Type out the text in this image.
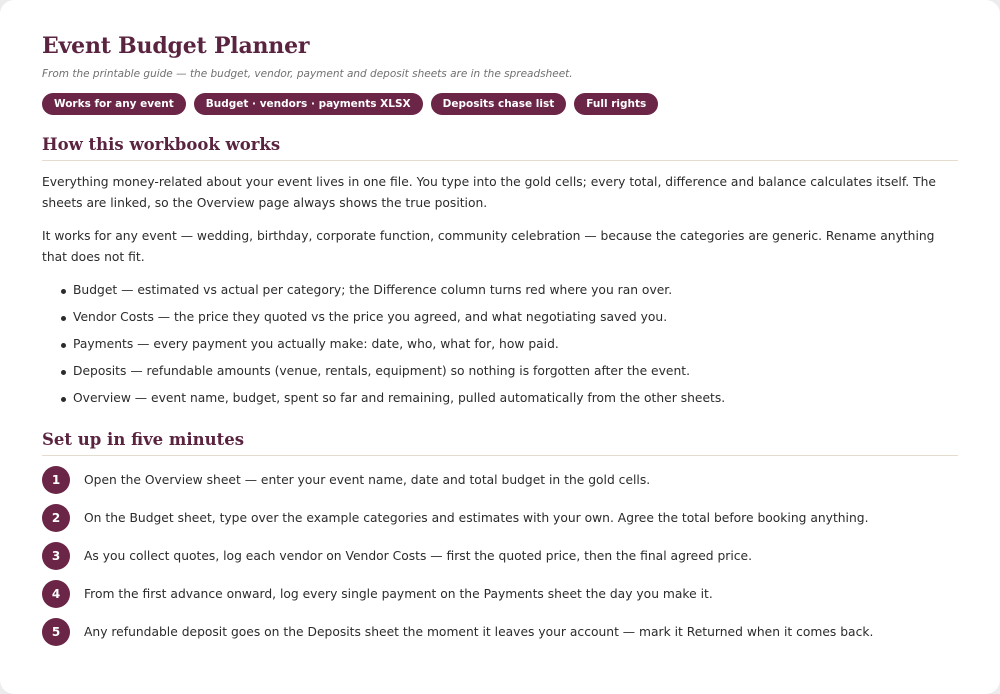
Event Budget Planner

From the printable guide — the budget, vendor, payment and deposit sheets are in the spreadsheet.

Works for any event	Budget · vendors · payments XLSX	Deposits chase list	Full rights
How this workbook works

Everything money-related about your event lives in one file. You type into the gold cells; every total, difference and balance calculates itself. The sheets are linked, so the Overview page always shows the true position.

It works for any event — wedding, birthday, corporate function, community celebration — because the categories are generic. Rename anything that does not fit.

Budget — estimated vs actual per category; the Difference column turns red where you ran over.
Vendor Costs — the price they quoted vs the price you agreed, and what negotiating saved you.
Payments — every payment you actually make: date, who, what for, how paid.
Deposits — refundable amounts (venue, rentals, equipment) so nothing is forgotten after the event.
Overview — event name, budget, spent so far and remaining, pulled automatically from the other sheets.
Set up in five minutes
1	Open the Overview sheet — enter your event name, date and total budget in the gold cells.
2	On the Budget sheet, type over the example categories and estimates with your own. Agree the total before booking anything.
3	As you collect quotes, log each vendor on Vendor Costs — first the quoted price, then the final agreed price.
4	From the first advance onward, log every single payment on the Payments sheet the day you make it.
5	Any refundable deposit goes on the Deposits sheet the moment it leaves your account — mark it Returned when it comes back.
